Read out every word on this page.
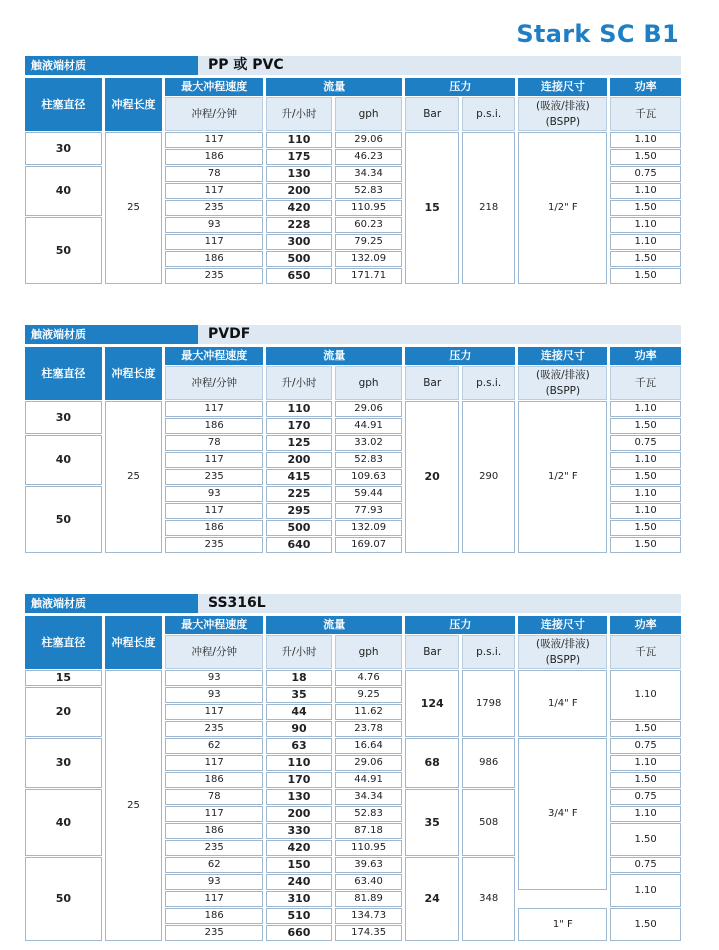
Stark SC B1
触液端材质	PP 或 PVC
柱塞直径	冲程长度	最大冲程速度	流量		压力		连接尺寸	功率
		冲程/分钟	升/小时	gph	Bar	p.s.i.	(吸液/排液)(BSPP)	千瓦
30	25	117	110	29.06	15	218	1/2" F	1.10
		186	175	46.23				1.50
40		78	130	34.34				0.75
		117	200	52.83				1.10
		235	420	110.95				1.50
50		93	228	60.23				1.10
		117	300	79.25				1.10
		186	500	132.09				1.50
		235	650	171.71				1.50
触液端材质	PVDF
柱塞直径	冲程长度	最大冲程速度	流量		压力		连接尺寸	功率
		冲程/分钟	升/小时	gph	Bar	p.s.i.	(吸液/排液)(BSPP)	千瓦
30	25	117	110	29.06	20	290	1/2" F	1.10
		186	170	44.91				1.50
40		78	125	33.02				0.75
		117	200	52.83				1.10
		235	415	109.63				1.50
50		93	225	59.44				1.10
		117	295	77.93				1.10
		186	500	132.09				1.50
		235	640	169.07				1.50
触液端材质	SS316L
柱塞直径	冲程长度	最大冲程速度	流量		压力		连接尺寸	功率
		冲程/分钟	升/小时	gph	Bar	p.s.i.	(吸液/排液)(BSPP)	千瓦
15	25	93	18	4.76	124	1798	1/4" F	1.10
20		93	35	9.25				
		117	44	11.62				
		235	90	23.78				1.50
30		62	63	16.64	68	986	3/4" F	0.75
		117	110	29.06				1.10
		186	170	44.91				1.50
40		78	130	34.34	35	508		0.75
		117	200	52.83				1.10
		186	330	87.18				1.50
		235	420	110.95				
50		62	150	39.63	24	348		0.75
		93	240	63.40				1.10
		117	310	81.89				
		186	510	134.73			1" F	1.50
		235	660	174.35				
